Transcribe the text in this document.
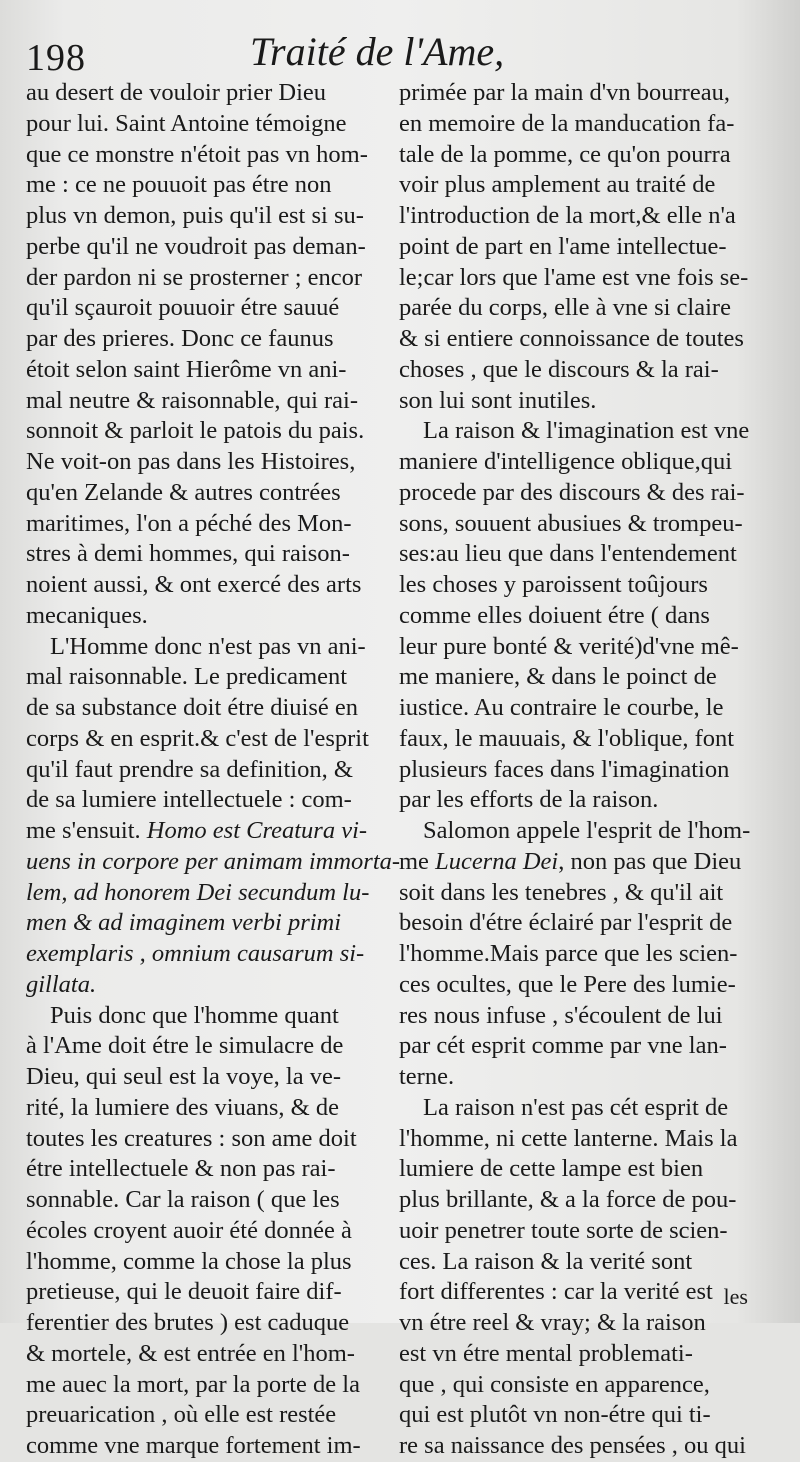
198	Traité de l'Ame,
au desert de vouloir prier Dieu
pour lui. Saint Antoine témoigne
que ce monstre n'étoit pas vn hom-
me : ce ne pouuoit pas étre non
plus vn demon, puis qu'il est si su-
perbe qu'il ne voudroit pas deman-
der pardon ni se prosterner ; encor
qu'il sçauroit pouuoir étre sauué
par des prieres. Donc ce faunus
étoit selon saint Hierôme vn ani-
mal neutre & raisonnable, qui rai-
sonnoit & parloit le patois du pais.
Ne voit-on pas dans les Histoires,
qu'en Zelande & autres contrées
maritimes, l'on a péché des Mon-
stres à demi hommes, qui raison-
noient aussi, & ont exercé des arts
mecaniques.
L'Homme donc n'est pas vn ani-
mal raisonnable. Le predicament
de sa substance doit étre diuisé en
corps & en esprit.& c'est de l'esprit
qu'il faut prendre sa definition, &
de sa lumiere intellectuele : com-
me s'ensuit. Homo est Creatura vi-
uens in corpore per animam immorta-
lem, ad honorem Dei secundum lu-
men & ad imaginem verbi primi
exemplaris , omnium causarum si-
gillata.
Puis donc que l'homme quant
à l'Ame doit étre le simulacre de
Dieu, qui seul est la voye, la ve-
rité, la lumiere des viuans, & de
toutes les creatures : son ame doit
étre intellectuele & non pas rai-
sonnable. Car la raison ( que les
écoles croyent auoir été donnée à
l'homme, comme la chose la plus
pretieuse, qui le deuoit faire dif-
ferentier des brutes ) est caduque
& mortele, & est entrée en l'hom-
me auec la mort, par la porte de la
preuarication , où elle est restée
comme vne marque fortement im-
primée par la main d'vn bourreau,
en memoire de la manducation fa-
tale de la pomme, ce qu'on pourra
voir plus amplement au traité de
l'introduction de la mort,& elle n'a
point de part en l'ame intellectue-
le;car lors que l'ame est vne fois se-
parée du corps, elle à vne si claire
& si entiere connoissance de toutes
choses , que le discours & la rai-
son lui sont inutiles.
La raison & l'imagination est vne
maniere d'intelligence oblique,qui
procede par des discours & des rai-
sons, souuent abusiues & trompeu-
ses:au lieu que dans l'entendement
les choses y paroissent toûjours
comme elles doiuent étre ( dans
leur pure bonté & verité)d'vne mê-
me maniere, & dans le poinct de
iustice. Au contraire le courbe, le
faux, le mauuais, & l'oblique, font
plusieurs faces dans l'imagination
par les efforts de la raison.
Salomon appele l'esprit de l'hom-
me Lucerna Dei, non pas que Dieu
soit dans les tenebres , & qu'il ait
besoin d'étre éclairé par l'esprit de
l'homme.Mais parce que les scien-
ces ocultes, que le Pere des lumie-
res nous infuse , s'écoulent de lui
par cét esprit comme par vne lan-
terne.
La raison n'est pas cét esprit de
l'homme, ni cette lanterne. Mais la
lumiere de cette lampe est bien
plus brillante, & a la force de pou-
uoir penetrer toute sorte de scien-
ces. La raison & la verité sont
fort differentes : car la verité est
vn étre reel & vray; & la raison
est vn étre mental problemati-
que , qui consiste en apparence,
qui est plutôt vn non-étre qui ti-
re sa naissance des pensées , ou qui
les
